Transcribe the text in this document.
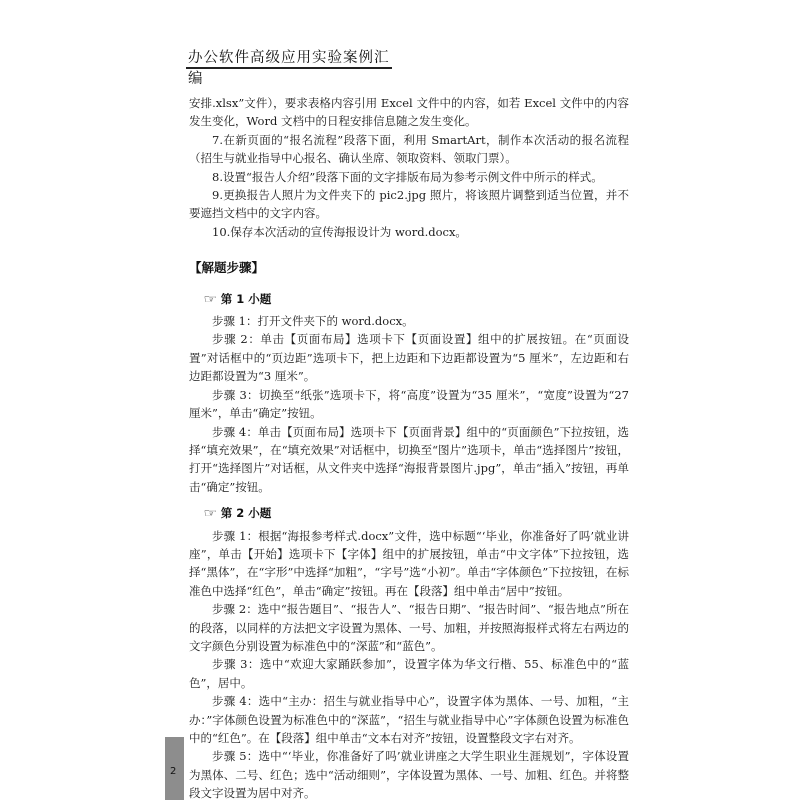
办公软件高级应用实验案例汇编

安排.xlsx”文件），要求表格内容引用 Excel 文件中的内容，如若 Excel 文件中的内容发生变化，Word 文档中的日程安排信息随之发生变化。

7.在新页面的“报名流程”段落下面，利用 SmartArt，制作本次活动的报名流程（招生与就业指导中心报名、确认坐席、领取资料、领取门票）。

8.设置“报告人介绍”段落下面的文字排版布局为参考示例文件中所示的样式。

9.更换报告人照片为文件夹下的 pic2.jpg 照片，将该照片调整到适当位置，并不要遮挡文档中的文字内容。

10.保存本次活动的宣传海报设计为 word.docx。

【解题步骤】
☞ 第 1 小题

步骤 1：打开文件夹下的 word.docx。

步骤 2：单击【页面布局】选项卡下【页面设置】组中的扩展按钮。在“页面设置”对话框中的“页边距”选项卡下，把上边距和下边距都设置为“5 厘米”，左边距和右边距都设置为“3 厘米”。

步骤 3：切换至“纸张”选项卡下，将“高度”设置为“35 厘米”，“宽度”设置为“27 厘米”，单击“确定”按钮。

步骤 4：单击【页面布局】选项卡下【页面背景】组中的“页面颜色”下拉按钮，选择“填充效果”，在“填充效果”对话框中，切换至“图片”选项卡，单击“选择图片”按钮，打开“选择图片”对话框，从文件夹中选择“海报背景图片.jpg”，单击“插入”按钮，再单击“确定”按钮。

☞ 第 2 小题

步骤 1：根据“海报参考样式.docx”文件，选中标题“‘毕业，你准备好了吗’就业讲座”，单击【开始】选项卡下【字体】组中的扩展按钮，单击“中文字体”下拉按钮，选择“黑体”，在“字形”中选择“加粗”，“字号”选“小初”。单击“字体颜色”下拉按钮，在标准色中选择“红色”，单击“确定”按钮。再在【段落】组中单击“居中”按钮。

步骤 2：选中“报告题目”、“报告人”、“报告日期”、“报告时间”、“报告地点”所在的段落，以同样的方法把文字设置为黑体、一号、加粗，并按照海报样式将左右两边的文字颜色分别设置为标准色中的“深蓝”和“蓝色”。

步骤 3：选中“欢迎大家踊跃参加”，设置字体为华文行楷、55、标准色中的“蓝色”，居中。

步骤 4：选中“主办：招生与就业指导中心”，设置字体为黑体、一号、加粗，“主办：”字体颜色设置为标准色中的“深蓝”，“招生与就业指导中心”字体颜色设置为标准色中的“红色”。在【段落】组中单击“文本右对齐”按钮，设置整段文字右对齐。

步骤 5：选中“‘毕业，你准备好了吗’就业讲座之大学生职业生涯规划”，字体设置为黑体、二号、红色；选中“活动细则”，字体设置为黑体、一号、加粗、红色。并将整段文字设置为居中对齐。

2
